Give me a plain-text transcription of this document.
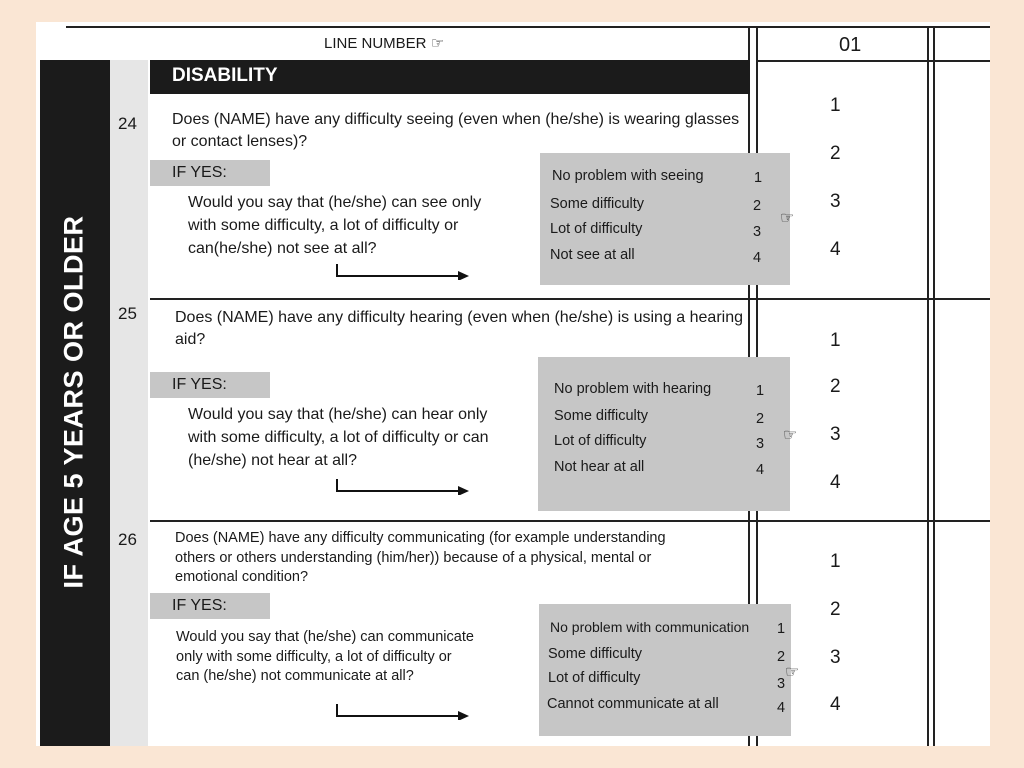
LINE NUMBER ☞	01
IF AGE 5 YEARS OR OLDER
DISABILITY
24 Does (NAME) have any difficulty seeing (even when (he/she) is wearing glasses or contact lenses)?
IF YES:
Would you say that (he/she) can see only with some difficulty, a lot of difficulty or can(he/she) not see at all?
No problem with seeing	1
Some difficulty	2
Lot of difficulty	3
Not see at all	4
☞
1
2
3
4
25 Does (NAME) have any difficulty hearing (even when (he/she) is using a hearing aid?
IF YES:
Would you say that (he/she) can hear only with some difficulty, a lot of difficulty or can (he/she) not hear at all?
No problem with hearing	1
Some difficulty	2
Lot of difficulty	3
Not hear at all	4
☞
1
2
3
4
26	Does (NAME) have any difficulty communicating (for example understanding others or others understanding (him/her)) because of a physical, mental or emotional condition?
IF YES:
Would you say that (he/she) can communicate only with some difficulty, a lot of difficulty or can (he/she) not communicate at all?
No problem with communication 1
Some difficulty	2
Lot of difficulty	3
Cannot communicate at all	4
☞
1
2
3
4
